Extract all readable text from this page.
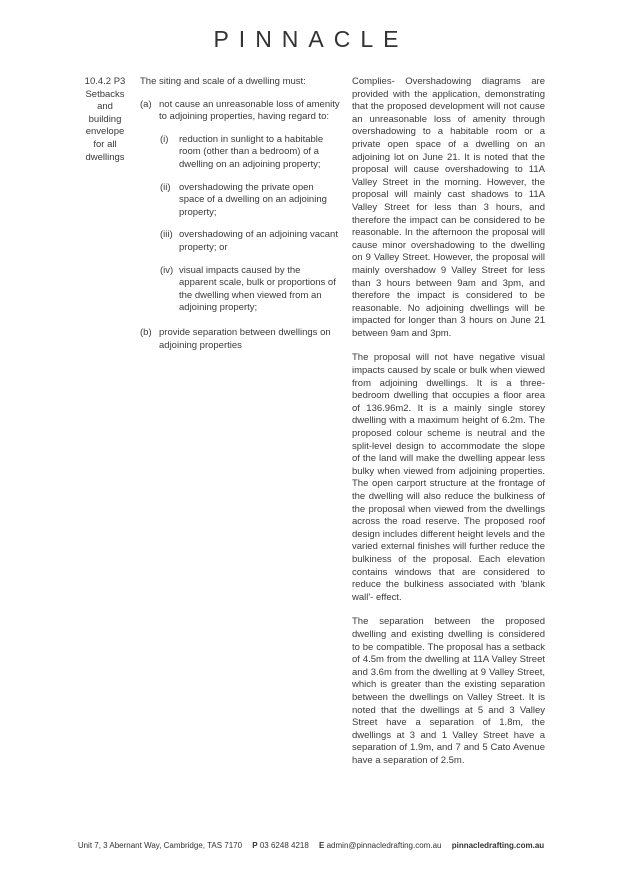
PINNACLE
10.4.2 P3 Setbacks and building envelope for all dwellings

The siting and scale of a dwelling must:

(a) not cause an unreasonable loss of amenity to adjoining properties, having regard to:

(i) reduction in sunlight to a habitable room (other than a bedroom) of a dwelling on an adjoining property;

(ii) overshadowing the private open space of a dwelling on an adjoining property;

(iii) overshadowing of an adjoining vacant property; or

(iv) visual impacts caused by the apparent scale, bulk or proportions of the dwelling when viewed from an adjoining property;

(b) provide separation between dwellings on adjoining properties

Complies- Overshadowing diagrams are provided with the application, demonstrating that the proposed development will not cause an unreasonable loss of amenity through overshadowing to a habitable room or a private open space of a dwelling on an adjoining lot on June 21. It is noted that the proposal will cause overshadowing to 11A Valley Street in the morning. However, the proposal will mainly cast shadows to 11A Valley Street for less than 3 hours, and therefore the impact can be considered to be reasonable. In the afternoon the proposal will cause minor overshadowing to the dwelling on 9 Valley Street. However, the proposal will mainly overshadow 9 Valley Street for less than 3 hours between 9am and 3pm, and therefore the impact is considered to be reasonable. No adjoining dwellings will be impacted for longer than 3 hours on June 21 between 9am and 3pm.

The proposal will not have negative visual impacts caused by scale or bulk when viewed from adjoining dwellings. It is a three-bedroom dwelling that occupies a floor area of 136.96m2. It is a mainly single storey dwelling with a maximum height of 6.2m. The proposed colour scheme is neutral and the split-level design to accommodate the slope of the land will make the dwelling appear less bulky when viewed from adjoining properties. The open carport structure at the frontage of the dwelling will also reduce the bulkiness of the proposal when viewed from the dwellings across the road reserve. The proposed roof design includes different height levels and the varied external finishes will further reduce the bulkiness of the proposal. Each elevation contains windows that are considered to reduce the bulkiness associated with 'blank wall'- effect.

The separation between the proposed dwelling and existing dwelling is considered to be compatible. The proposal has a setback of 4.5m from the dwelling at 11A Valley Street and 3.6m from the dwelling at 9 Valley Street, which is greater than the existing separation between the dwellings on Valley Street. It is noted that the dwellings at 5 and 3 Valley Street have a separation of 1.8m, the dwellings at 3 and 1 Valley Street have a separation of 1.9m, and 7 and 5 Cato Avenue have a separation of 2.5m.

Unit 7, 3 Abernant Way, Cambridge, TAS 7170 P 03 6248 4218 E admin@pinnacledrafting.com.au pinnacledrafting.com.au
